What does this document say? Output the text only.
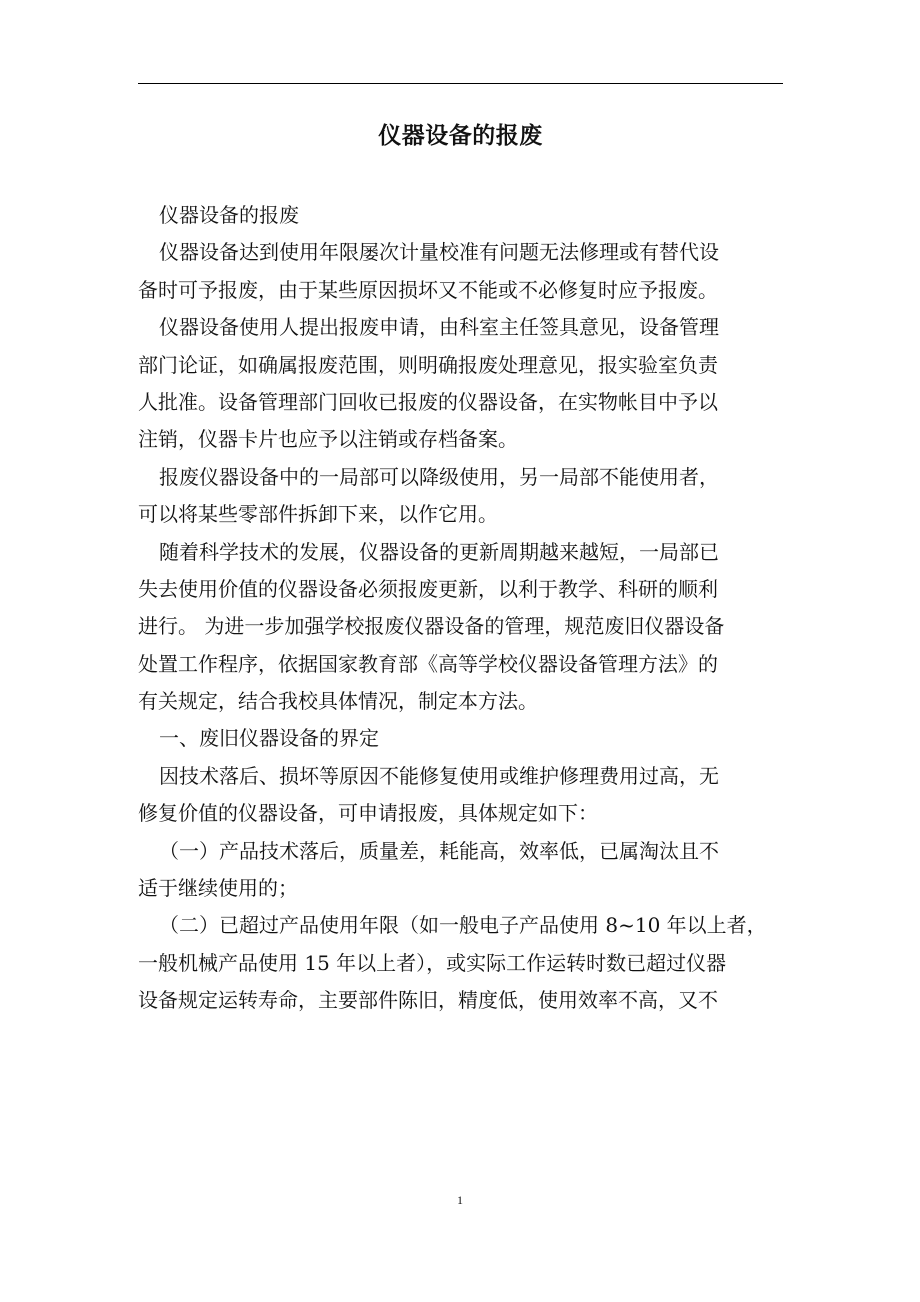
仪器设备的报废

仪器设备的报废

仪器设备达到使用年限屡次计量校准有问题无法修理或有替代设
备时可予报废，由于某些原因损坏又不能或不必修复时应予报废。

仪器设备使用人提出报废申请，由科室主任签具意见，设备管理
部门论证，如确属报废范围，则明确报废处理意见，报实验室负责
人批准。设备管理部门回收已报废的仪器设备，在实物帐目中予以
注销，仪器卡片也应予以注销或存档备案。

报废仪器设备中的一局部可以降级使用，另一局部不能使用者，
可以将某些零部件拆卸下来，以作它用。

随着科学技术的发展，仪器设备的更新周期越来越短，一局部已
失去使用价值的仪器设备必须报废更新，以利于教学、科研的顺利
进行。 为进一步加强学校报废仪器设备的管理，规范废旧仪器设备
处置工作程序，依据国家教育部《高等学校仪器设备管理方法》的
有关规定，结合我校具体情况，制定本方法。

一、废旧仪器设备的界定

因技术落后、损坏等原因不能修复使用或维护修理费用过高，无
修复价值的仪器设备，可申请报废，具体规定如下：

（一）产品技术落后，质量差，耗能高，效率低，已属淘汰且不
适于继续使用的；

（二）已超过产品使用年限（如一般电子产品使用 8~10 年以上者，
一般机械产品使用 15 年以上者），或实际工作运转时数已超过仪器
设备规定运转寿命，主要部件陈旧，精度低，使用效率不高，又不

1
